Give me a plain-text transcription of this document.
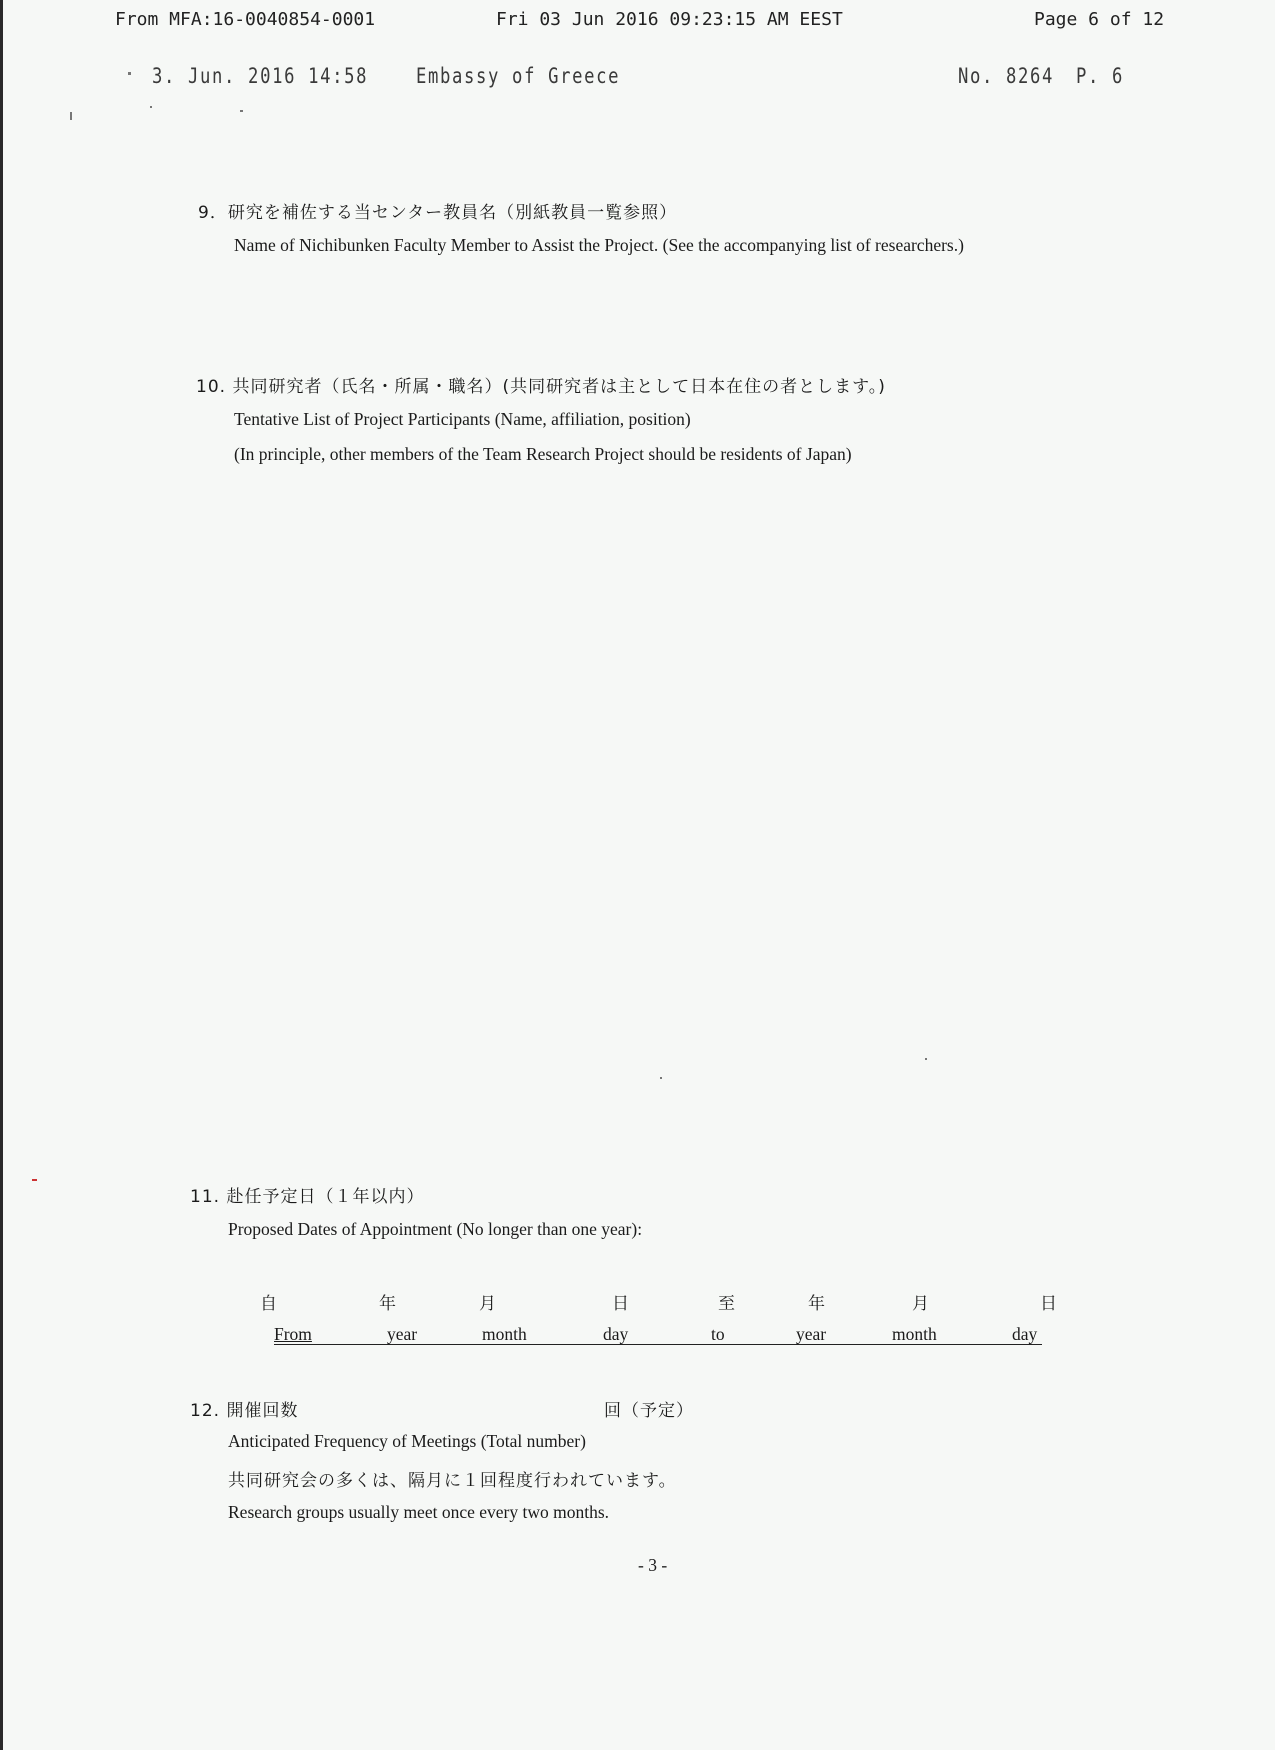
From MFA:16-0040854-0001	Fri 03 Jun 2016 09:23:15 AM EEST	Page 6 of 12
3. Jun. 2016 14:58 Embassy of Greece	No. 8264 P. 6
9．研究を補佐する当センター教員名（別紙教員一覧参照）
Name of Nichibunken Faculty Member to Assist the Project. (See the accompanying list of researchers.)
10. 共同研究者（氏名・所属・職名）(共同研究者は主として日本在住の者とします。)
Tentative List of Project Participants (Name, affiliation, position)
(In principle, other members of the Team Research Project should be residents of Japan)
11. 赴任予定日（１年以内）
Proposed Dates of Appointment (No longer than one year):
自	年	月	日	至	年	月	日
From	year	month	day	to	year	month	day
12. 開催回数	回（予定）
Anticipated Frequency of Meetings (Total number)
共同研究会の多くは、隔月に１回程度行われています。
Research groups usually meet once every two months.
- 3 -
